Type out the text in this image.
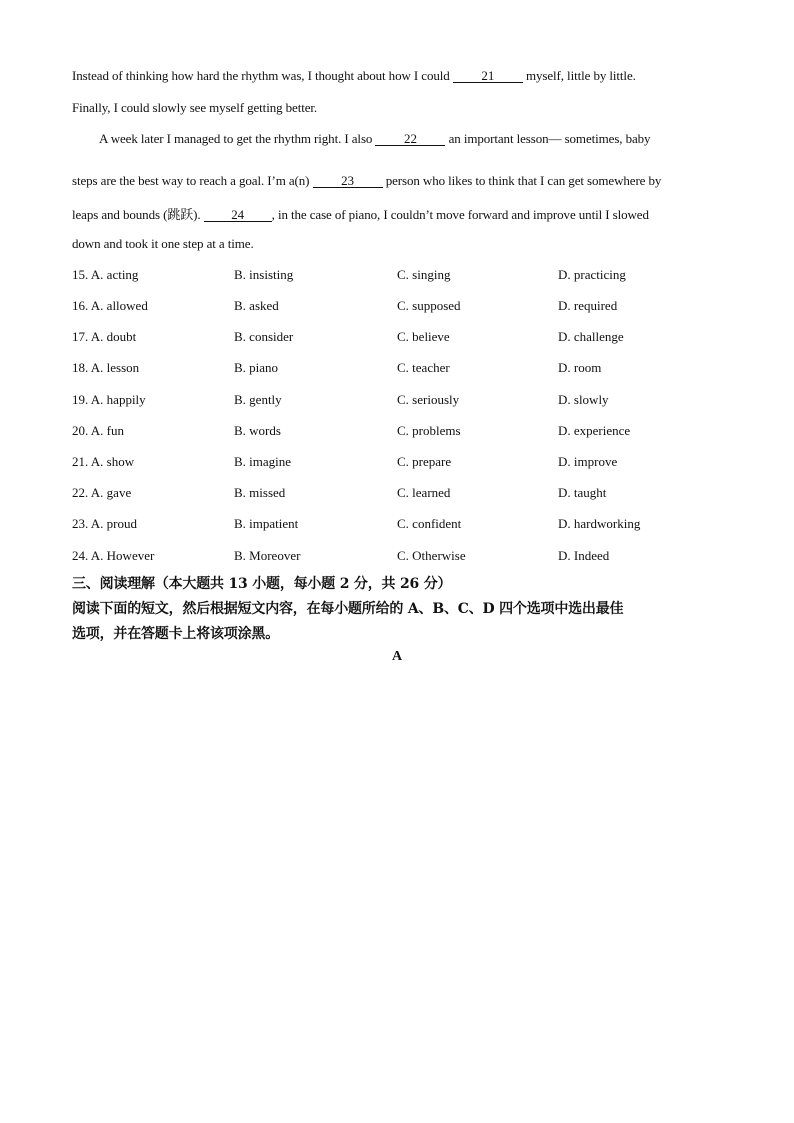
Instead of thinking how hard the rhythm was, I thought about how I could 21 myself, little by little.
Finally, I could slowly see myself getting better.
A week later I managed to get the rhythm right. I also 22 an important lesson— sometimes, baby
steps are the best way to reach a goal. I’m a(n) 23 person who likes to think that I can get somewhere by
leaps and bounds (跳跃). 24 , in the case of piano, I couldn’t move forward and improve until I slowed
down and took it one step at a time.
15. A. acting	B. insisting	C. singing	D. practicing
16. A. allowed	B. asked	C. supposed	D. required
17. A. doubt	B. consider	C. believe	D. challenge
18. A. lesson	B. piano	C. teacher	D. room
19. A. happily	B. gently	C. seriously	D. slowly
20. A. fun	B. words	C. problems	D. experience
21. A. show	B. imagine	C. prepare	D. improve
22. A. gave	B. missed	C. learned	D. taught
23. A. proud	B. impatient	C. confident	D. hardworking
24. A. However	B. Moreover	C. Otherwise	D. Indeed
三、阅读理解（本大题共 13 小题，每小题 2 分，共 26 分）
阅读下面的短文，然后根据短文内容，在每小题所给的 A、B、C、D 四个选项中选出最佳
选项，并在答题卡上将该项涂黑。
A
